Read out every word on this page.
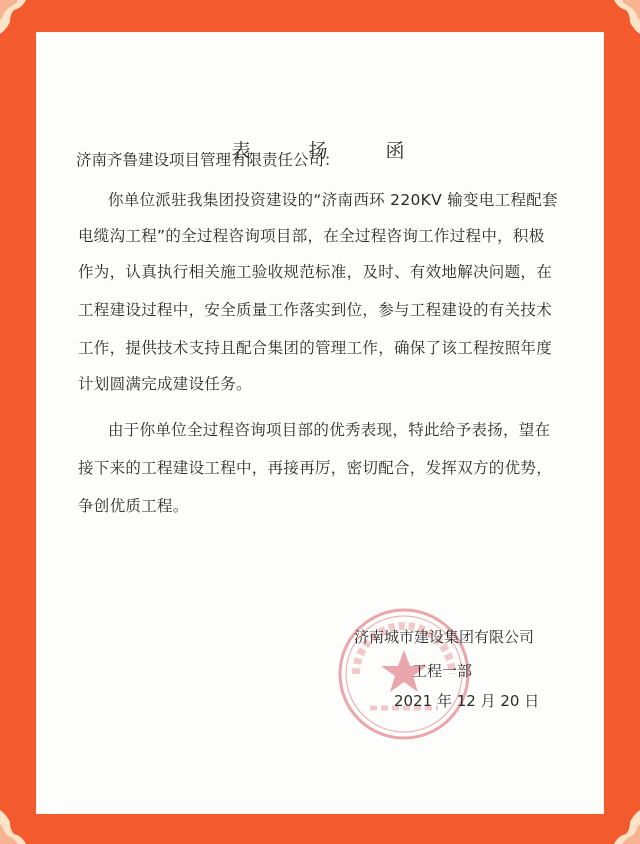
表 扬 函
济南齐鲁建设项目管理有限责任公司：
你单位派驻我集团投资建设的“济南西环 220KV 输变电工程配套
电缆沟工程”的全过程咨询项目部，在全过程咨询工作过程中，积极
作为，认真执行相关施工验收规范标准，及时、有效地解决问题，在
工程建设过程中，安全质量工作落实到位，参与工程建设的有关技术
工作，提供技术支持且配合集团的管理工作，确保了该工程按照年度
计划圆满完成建设任务。
由于你单位全过程咨询项目部的优秀表现，特此给予表扬，望在
接下来的工程建设工程中，再接再厉，密切配合，发挥双方的优势，
争创优质工程。
济南城市建设集团有限公司
工程一部
2021 年 12 月 20 日
